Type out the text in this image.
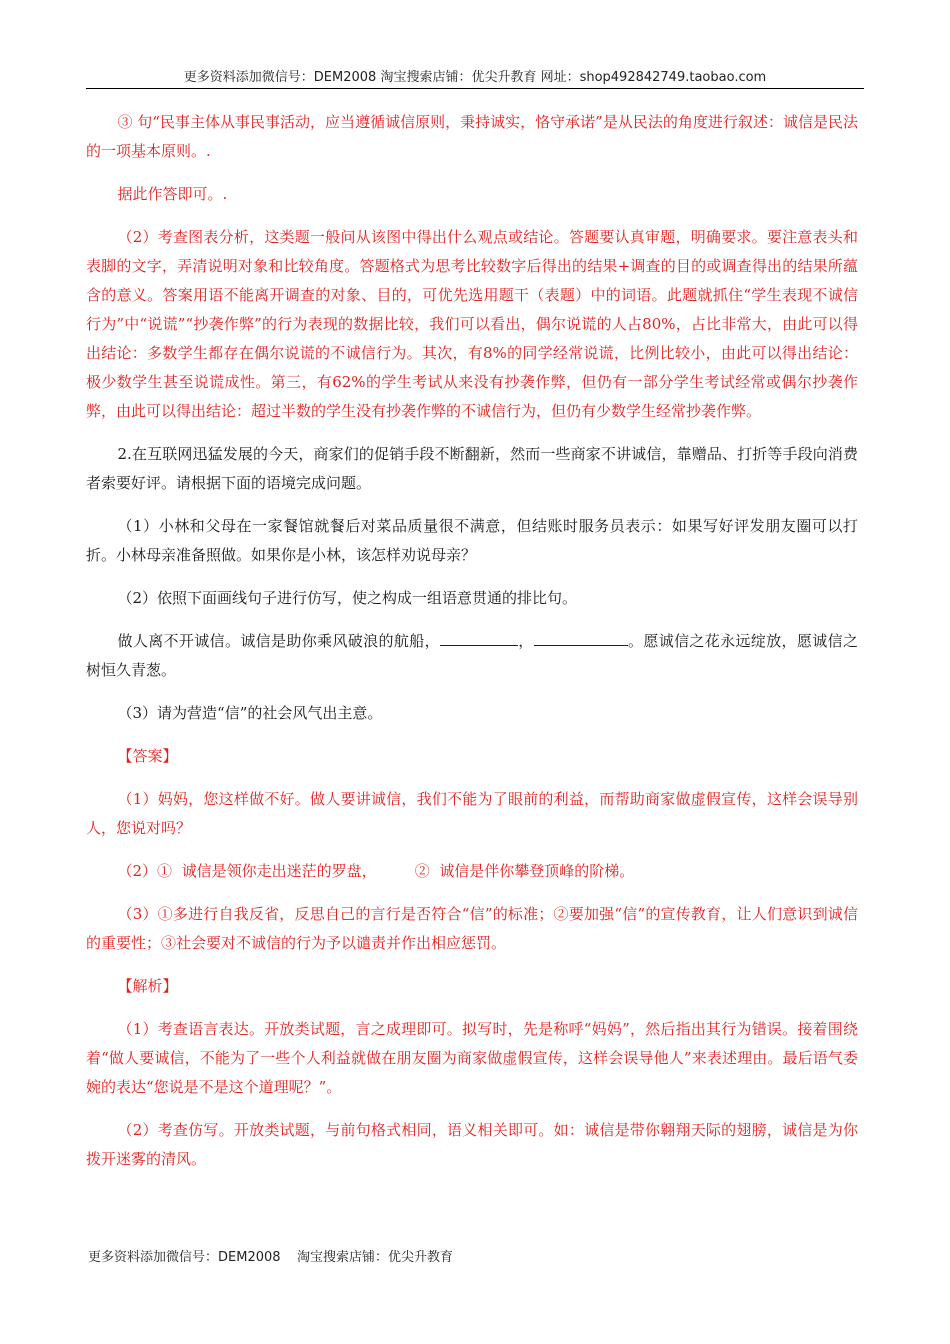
更多资料添加微信号：DEM2008 淘宝搜索店铺：优尖升教育 网址：shop492842749.taobao.com

③ 句“民事主体从事民事活动，应当遵循诚信原则，秉持诚实，恪守承诺”是从民法的角度进行叙述：诚信是民法的一项基本原则。.

据此作答即可。.

（2）考查图表分析，这类题一般问从该图中得出什么观点或结论。答题要认真审题，明确要求。要注意表头和表脚的文字，弄清说明对象和比较角度。答题格式为思考比较数字后得出的结果+调查的目的或调查得出的结果所蕴含的意义。答案用语不能离开调查的对象、目的，可优先选用题干（表题）中的词语。此题就抓住“学生表现不诚信行为”中“说谎”“抄袭作弊”的行为表现的数据比较，我们可以看出，偶尔说谎的人占80%，占比非常大，由此可以得出结论：多数学生都存在偶尔说谎的不诚信行为。其次，有8%的同学经常说谎，比例比较小，由此可以得出结论：极少数学生甚至说谎成性。第三，有62%的学生考试从来没有抄袭作弊，但仍有一部分学生考试经常或偶尔抄袭作弊，由此可以得出结论：超过半数的学生没有抄袭作弊的不诚信行为，但仍有少数学生经常抄袭作弊。

2.在互联网迅猛发展的今天，商家们的促销手段不断翻新，然而一些商家不讲诚信，靠赠品、打折等手段向消费者索要好评。请根据下面的语境完成问题。

（1）小林和父母在一家餐馆就餐后对菜品质量很不满意，但结账时服务员表示：如果写好评发朋友圈可以打折。小林母亲准备照做。如果你是小林，该怎样劝说母亲？

（2）依照下面画线句子进行仿写，使之构成一组语意贯通的排比句。

做人离不开诚信。诚信是助你乘风破浪的航船，	，	。愿诚信之花永远绽放，愿诚信之树恒久青葱。

（3）请为营造“信”的社会风气出主意。

【答案】

（1）妈妈，您这样做不好。做人要讲诚信，我们不能为了眼前的利益，而帮助商家做虚假宣传，这样会误导别人，您说对吗？

（2）①  诚信是领你走出迷茫的罗盘，        ②  诚信是伴你攀登顶峰的阶梯。

（3）①多进行自我反省，反思自己的言行是否符合“信”的标准；②要加强“信”的宣传教育，让人们意识到诚信的重要性；③社会要对不诚信的行为予以谴责并作出相应惩罚。

【解析】

（1）考查语言表达。开放类试题，言之成理即可。拟写时，先是称呼“妈妈”，然后指出其行为错误。接着围绕着“做人要诚信，不能为了一些个人利益就做在朋友圈为商家做虚假宣传，这样会误导他人”来表述理由。最后语气委婉的表达“您说是不是这个道理呢？”。

（2）考查仿写。开放类试题，与前句格式相同，语义相关即可。如：诚信是带你翱翔天际的翅膀，诚信是为你拨开迷雾的清风。

更多资料添加微信号：DEM2008    淘宝搜索店铺：优尖升教育
